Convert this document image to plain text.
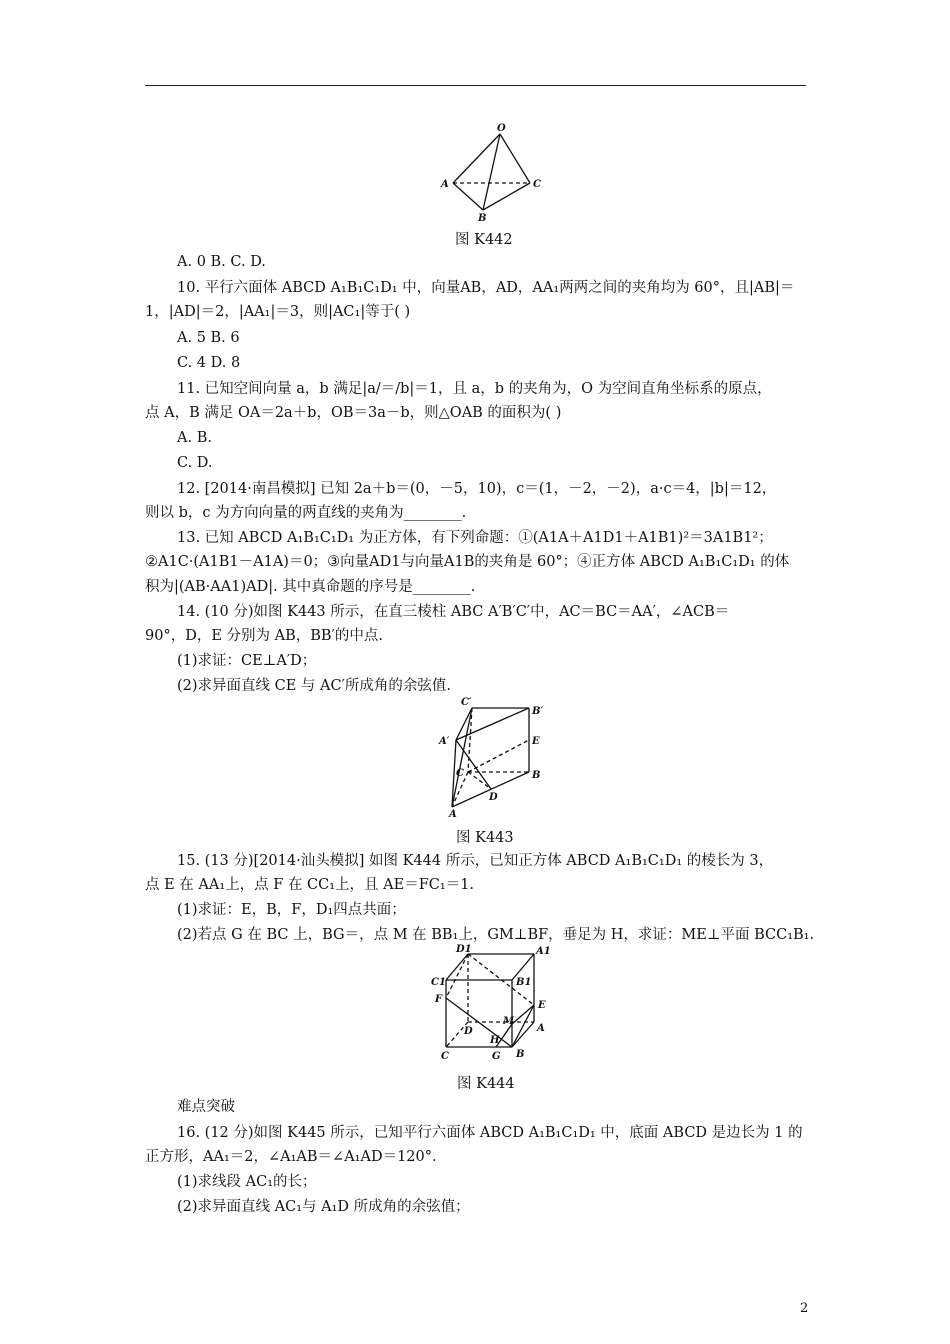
O
A
B
C
图 K442
A. 0 B. C. D.
10. 平行六面体 ABCD A₁B₁C₁D₁ 中，向量AB，AD，AA₁两两之间的夹角均为 60°，且|AB|＝
1，|AD|＝2，|AA₁|＝3，则|AC₁|等于( )
A. 5 B. 6
C. 4 D. 8
11. 已知空间向量 a，b 满足|a/＝/b|＝1，且 a，b 的夹角为，O 为空间直角坐标系的原点，
点 A，B 满足 OA＝2a＋b，OB＝3a－b，则△OAB 的面积为( )
A. B.
C. D.
12. [2014·南昌模拟] 已知 2a＋b＝(0，－5，10)，c＝(1，－2，－2)，a·c＝4，|b|＝12，
则以 b，c 为方向向量的两直线的夹角为________.
13. 已知 ABCD A₁B₁C₁D₁ 为正方体，有下列命题：①(A1A＋A1D1＋A1B1)²＝3A1B1²；
②A1C·(A1B1－A1A)＝0；③向量AD1与向量A1B的夹角是 60°；④正方体 ABCD A₁B₁C₁D₁ 的体
积为|(AB·AA1)AD|. 其中真命题的序号是________.
14. (10 分)如图 K443 所示，在直三棱柱 ABC A′B′C′中，AC＝BC＝AA′，∠ACB＝
90°，D，E 分别为 AB，BB′的中点.
(1)求证：CE⊥A′D；
(2)求异面直线 CE 与 AC′所成角的余弦值.
C′
B′
A′	E
C	B
D
A
图 K443
15. (13 分)[2014·汕头模拟] 如图 K444 所示，已知正方体 ABCD A₁B₁C₁D₁ 的棱长为 3，
点 E 在 AA₁上，点 F 在 CC₁上，且 AE＝FC₁＝1.
(1)求证：E，B，F，D₁四点共面；
(2)若点 G 在 BC 上，BG＝，点 M 在 BB₁上，GM⊥BF，垂足为 H，求证：ME⊥平面 BCC₁B₁.
D1	A1
C1	B1
F
E
M
A
D
H
C	G B
图 K444
难点突破
16. (12 分)如图 K445 所示，已知平行六面体 ABCD A₁B₁C₁D₁ 中，底面 ABCD 是边长为 1 的
正方形，AA₁＝2，∠A₁AB＝∠A₁AD＝120°.
(1)求线段 AC₁的长；
(2)求异面直线 AC₁与 A₁D 所成角的余弦值；
2
